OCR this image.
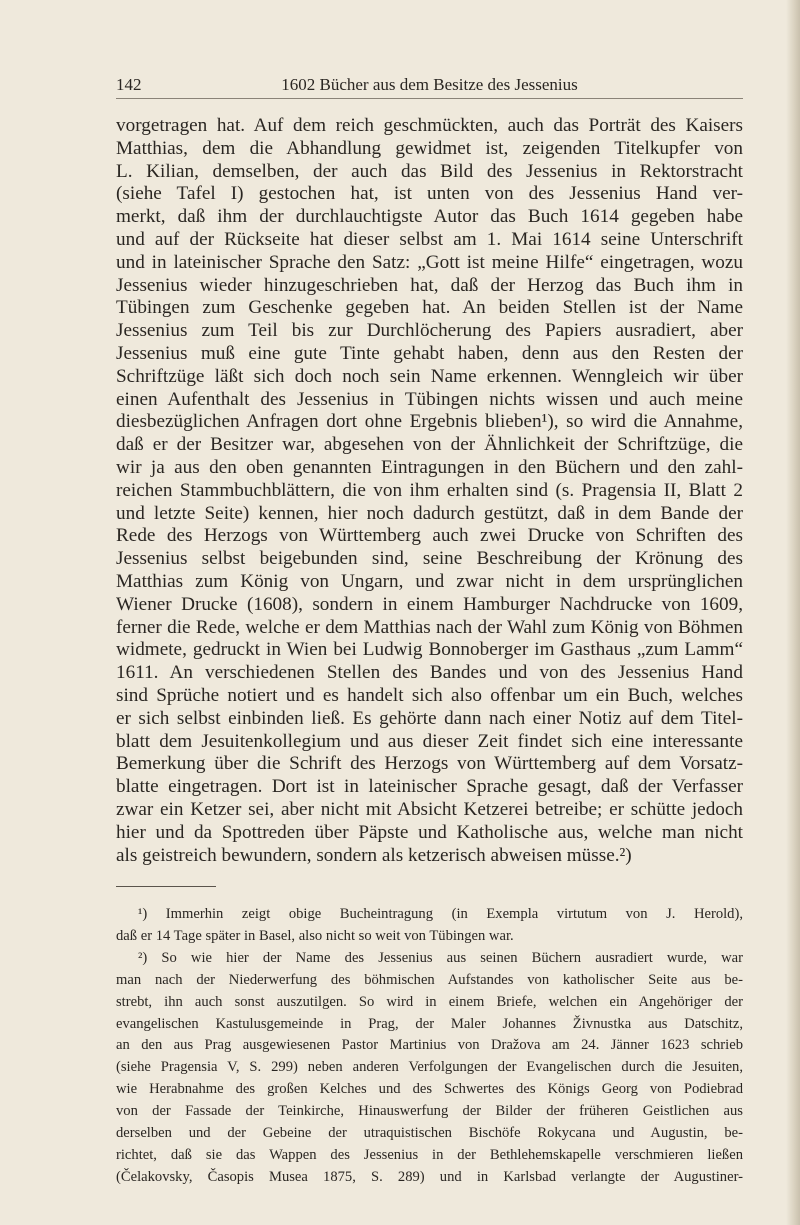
142	1602 Bücher aus dem Besitze des Jessenius
vorgetragen hat. Auf dem reich geschmückten, auch das Porträt des Kaisers
Matthias, dem die Abhandlung gewidmet ist, zeigenden Titelkupfer von
L. Kilian, demselben, der auch das Bild des Jessenius in Rektorstracht
(siehe Tafel I) gestochen hat, ist unten von des Jessenius Hand ver-
merkt, daß ihm der durchlauchtigste Autor das Buch 1614 gegeben habe
und auf der Rückseite hat dieser selbst am 1. Mai 1614 seine Unterschrift
und in lateinischer Sprache den Satz: „Gott ist meine Hilfe“ eingetragen, wozu
Jessenius wieder hinzugeschrieben hat, daß der Herzog das Buch ihm in
Tübingen zum Geschenke gegeben hat. An beiden Stellen ist der Name
Jessenius zum Teil bis zur Durchlöcherung des Papiers ausradiert, aber
Jessenius muß eine gute Tinte gehabt haben, denn aus den Resten der
Schriftzüge läßt sich doch noch sein Name erkennen. Wenngleich wir über
einen Aufenthalt des Jessenius in Tübingen nichts wissen und auch meine
diesbezüglichen Anfragen dort ohne Ergebnis blieben¹), so wird die Annahme,
daß er der Besitzer war, abgesehen von der Ähnlichkeit der Schriftzüge, die
wir ja aus den oben genannten Eintragungen in den Büchern und den zahl-
reichen Stammbuchblättern, die von ihm erhalten sind (s. Pragensia II, Blatt 2
und letzte Seite) kennen, hier noch dadurch gestützt, daß in dem Bande der
Rede des Herzogs von Württemberg auch zwei Drucke von Schriften des
Jessenius selbst beigebunden sind, seine Beschreibung der Krönung des
Matthias zum König von Ungarn, und zwar nicht in dem ursprünglichen
Wiener Drucke (1608), sondern in einem Hamburger Nachdrucke von 1609,
ferner die Rede, welche er dem Matthias nach der Wahl zum König von Böhmen
widmete, gedruckt in Wien bei Ludwig Bonnoberger im Gasthaus „zum Lamm“
1611. An verschiedenen Stellen des Bandes und von des Jessenius Hand
sind Sprüche notiert und es handelt sich also offenbar um ein Buch, welches
er sich selbst einbinden ließ. Es gehörte dann nach einer Notiz auf dem Titel-
blatt dem Jesuitenkollegium und aus dieser Zeit findet sich eine interessante
Bemerkung über die Schrift des Herzogs von Württemberg auf dem Vorsatz-
blatte eingetragen. Dort ist in lateinischer Sprache gesagt, daß der Verfasser
zwar ein Ketzer sei, aber nicht mit Absicht Ketzerei betreibe; er schütte jedoch
hier und da Spottreden über Päpste und Katholische aus, welche man nicht
als geistreich bewundern, sondern als ketzerisch abweisen müsse.²)
¹) Immerhin zeigt obige Bucheintragung (in Exempla virtutum von J. Herold),
daß er 14 Tage später in Basel, also nicht so weit von Tübingen war.
²) So wie hier der Name des Jessenius aus seinen Büchern ausradiert wurde, war
man nach der Niederwerfung des böhmischen Aufstandes von katholischer Seite aus be-
strebt, ihn auch sonst auszutilgen. So wird in einem Briefe, welchen ein Angehöriger der
evangelischen Kastulusgemeinde in Prag, der Maler Johannes Živnustka aus Datschitz,
an den aus Prag ausgewiesenen Pastor Martinius von Dražova am 24. Jänner 1623 schrieb
(siehe Pragensia V, S. 299) neben anderen Verfolgungen der Evangelischen durch die Jesuiten,
wie Herabnahme des großen Kelches und des Schwertes des Königs Georg von Podiebrad
von der Fassade der Teinkirche, Hinauswerfung der Bilder der früheren Geistlichen aus
derselben und der Gebeine der utraquistischen Bischöfe Rokycana und Augustin, be-
richtet, daß sie das Wappen des Jessenius in der Bethlehemskapelle verschmieren ließen
(Čelakovsky, Časopis Musea 1875, S. 289) und in Karlsbad verlangte der Augustiner-
